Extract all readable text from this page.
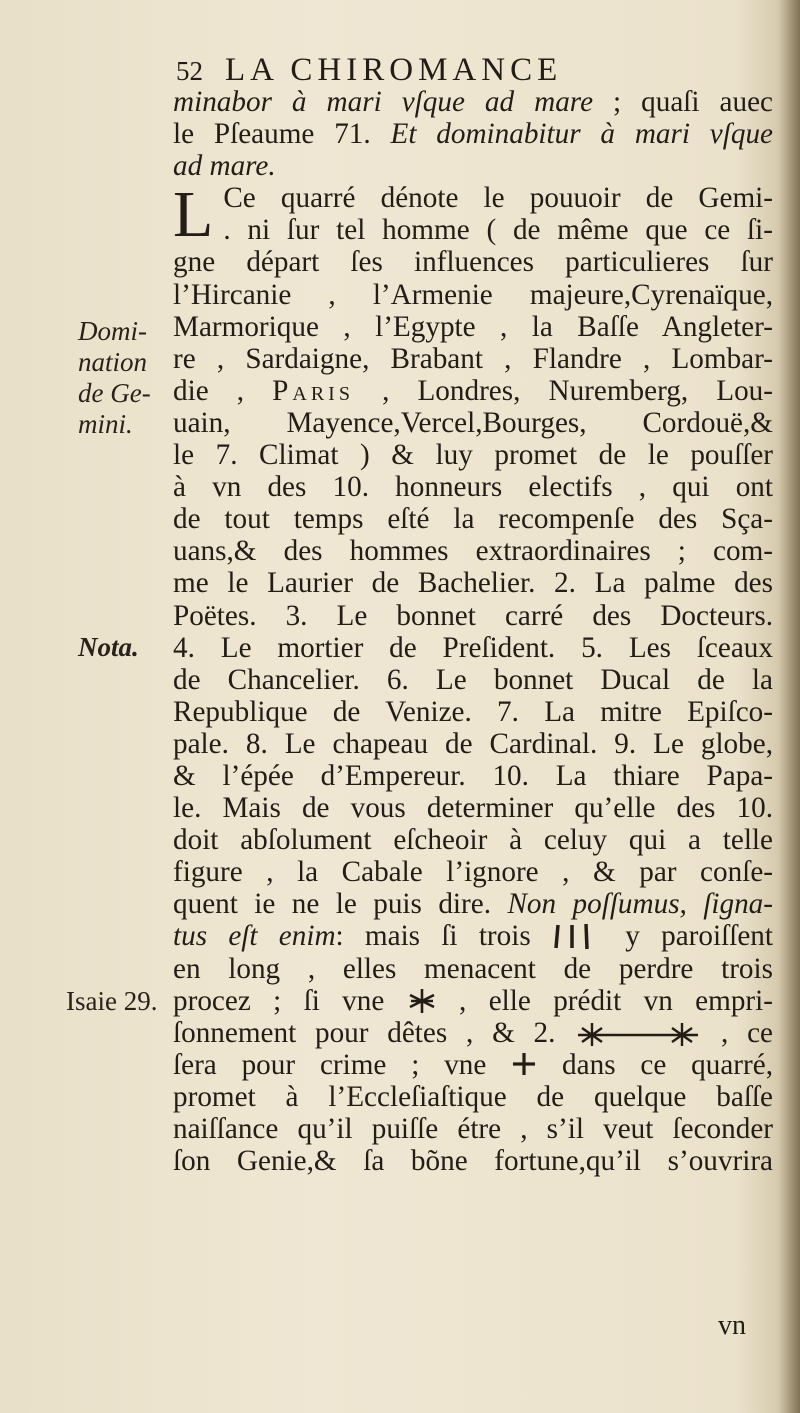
52 LA CHIROMANCE
Domi-
nation
de Ge-
mini.
Nota.
Isaie 29.
minabor à mari vſque ad mare ; quaſi auec
le Pſeaume 71. Et dominabitur à mari vſque
ad mare.
L Ce quarré dénote le pouuoir de Gemi-
. ni ſur tel homme ( de même que ce ſi-
gne départ ſes influences particulieres ſur
l’Hircanie , l’Armenie majeure,Cyrenaïque,
Marmorique , l’Egypte , la Baſſe Angleter-
re , Sardaigne, Brabant , Flandre , Lombar-
die , Paris , Londres, Nuremberg, Lou-
uain, Mayence,Vercel,Bourges, Cordouë,&
le 7. Climat ) & luy promet de le pouſſer
à vn des 10. honneurs electifs , qui ont
de tout temps eſté la recompenſe des Sça-
uans,& des hommes extraordinaires ; com-
me le Laurier de Bachelier. 2. La palme des
Poëtes. 3. Le bonnet carré des Docteurs.
4. Le mortier de Preſident. 5. Les ſceaux
de Chancelier. 6. Le bonnet Ducal de la
Republique de Venize. 7. La mitre Epiſco-
pale. 8. Le chapeau de Cardinal. 9. Le globe,
& l’épée d’Empereur. 10. La thiare Papa-
le. Mais de vous determiner qu’elle des 10.
doit abſolument eſcheoir à celuy qui a telle
figure , la Cabale l’ignore , & par conſe-
quent ie ne le puis dire. Non poſſumus, ſigna-
tus eſt enim: mais ſi trois	y paroiſſent
en long , elles menacent de perdre trois
procez ; ſi vne  , elle prédit vn empri-
ſonnement pour dêtes , & 2.	, ce
ſera pour crime ; vne  dans ce quarré,
promet à l’Eccleſiaſtique de quelque baſſe
naiſſance qu’il puiſſe étre , s’il veut ſeconder
ſon Genie,& ſa bõne fortune,qu’il s’ouvrira
vn
